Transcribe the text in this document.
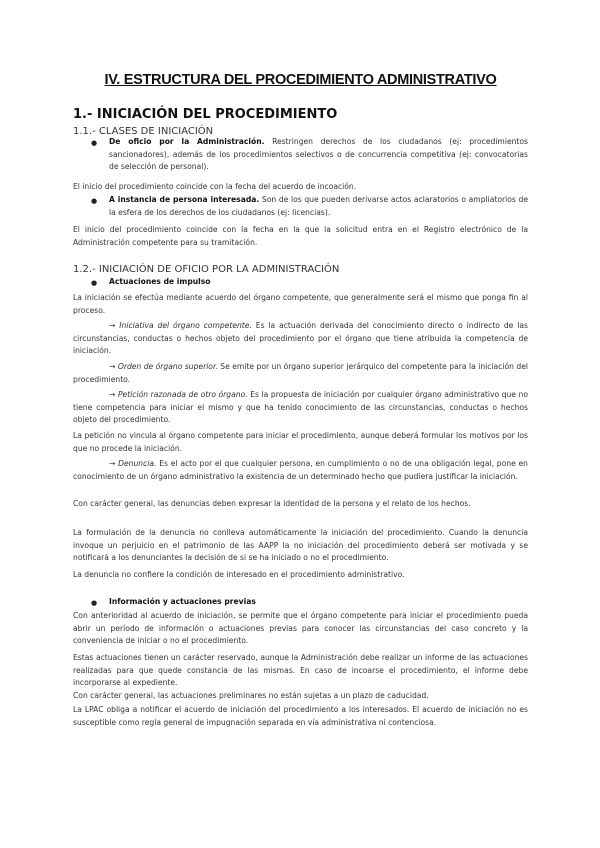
IV. ESTRUCTURA DEL PROCEDIMIENTO ADMINISTRATIVO
1.- INICIACIÓN DEL PROCEDIMIENTO
1.1.- CLASES DE INICIACIÓN
● De oficio por la Administración. Restringen derechos de los ciudadanos (ej: procedimientos sancionadores), además de los procedimientos selectivos o de concurrencia competitiva (ej: convocatorias de selección de personal).
El inicio del procedimiento coincide con la fecha del acuerdo de incoación.
● A instancia de persona interesada. Son de los que pueden derivarse actos aclaratorios o ampliatorios de la esfera de los derechos de los ciudadanos (ej: licencias).
El inicio del procedimiento coincide con la fecha en la que la solicitud entra en el Registro electrónico de la Administración competente para su tramitación.
1.2.- INICIACIÓN DE OFICIO POR LA ADMINISTRACIÓN
● Actuaciones de impulso
La iniciación se efectúa mediante acuerdo del órgano competente, que generalmente será el mismo que ponga fin al proceso.
→ Iniciativa del órgano competente. Es la actuación derivada del conocimiento directo o indirecto de las circunstancias, conductas o hechos objeto del procedimiento por el órgano que tiene atribuida la competencia de iniciación.
→ Orden de órgano superior. Se emite por un órgano superior jerárquico del competente para la iniciación del procedimiento.
→ Petición razonada de otro órgano. Es la propuesta de iniciación por cualquier órgano administrativo que no tiene competencia para iniciar el mismo y que ha tenido conocimiento de las circunstancias, conductas o hechos objeto del procedimiento.
La petición no vincula al órgano competente para iniciar el procedimiento, aunque deberá formular los motivos por los que no procede la iniciación.
→ Denuncia. Es el acto por el que cualquier persona, en cumplimiento o no de una obligación legal, pone en conocimiento de un órgano administrativo la existencia de un determinado hecho que pudiera justificar la iniciación.
Con carácter general, las denuncias deben expresar la identidad de la persona y el relato de los hechos.
La formulación de la denuncia no conlleva automáticamente la iniciación del procedimiento. Cuando la denuncia invoque un perjuicio en el patrimonio de las AAPP la no iniciación del procedimiento deberá ser motivada y se notificará a los denunciantes la decisión de si se ha iniciado o no el procedimiento.
La denuncia no confiere la condición de interesado en el procedimiento administrativo.
● Información y actuaciones previas
Con anterioridad al acuerdo de iniciación, se permite que el órgano competente para iniciar el procedimiento pueda abrir un período de información o actuaciones previas para conocer las circunstancias del caso concreto y la conveniencia de iniciar o no el procedimiento.
Estas actuaciones tienen un carácter reservado, aunque la Administración debe realizar un informe de las actuaciones realizadas para que quede constancia de las mismas. En caso de incoarse el procedimiento, el informe debe incorporarse al expediente.
Con carácter general, las actuaciones preliminares no están sujetas a un plazo de caducidad.
La LPAC obliga a notificar el acuerdo de iniciación del procedimiento a los interesados. El acuerdo de iniciación no es susceptible como regla general de impugnación separada en vía administrativa ni contenciosa.
